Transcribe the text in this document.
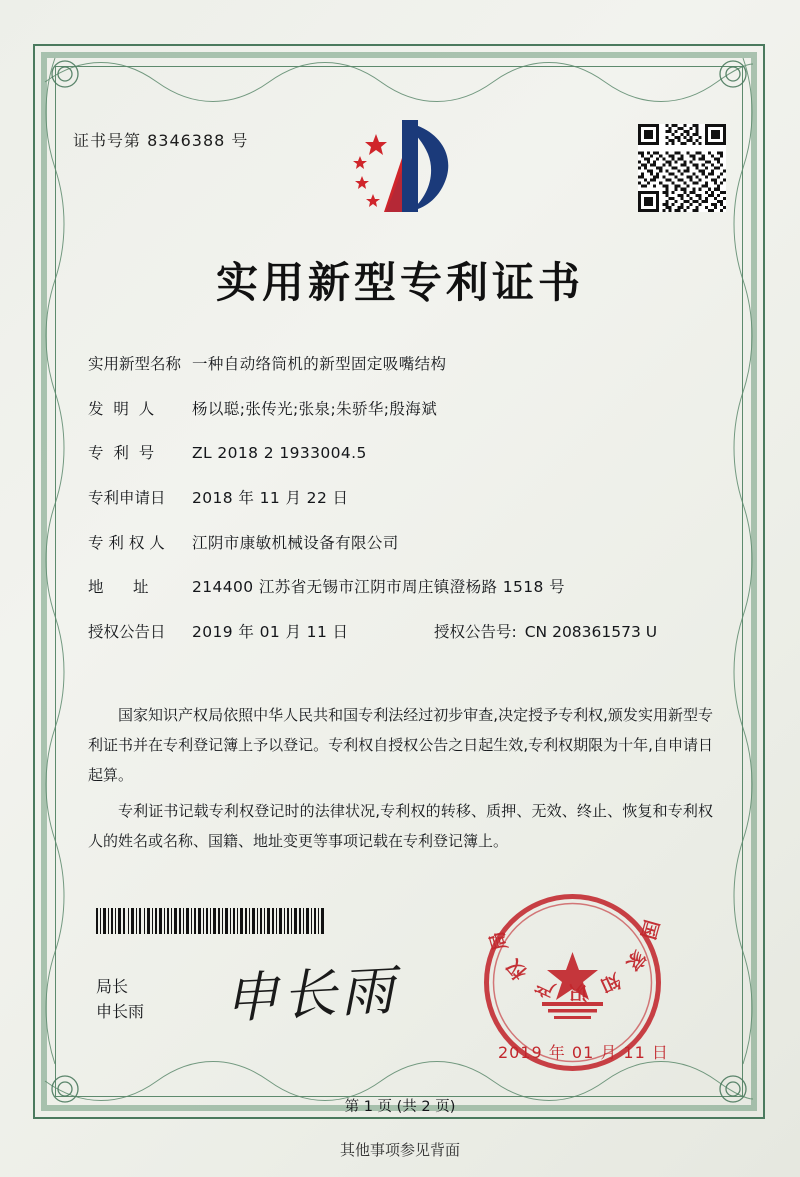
证书号第 8346388 号
实用新型专利证书
实用新型名称 一种自动络筒机的新型固定吸嘴结构
发  明  人	杨以聪;张传光;张泉;朱骄华;殷海斌
专  利  号	ZL 2018 2 1933004.5
专利申请日	2018 年 11 月 22 日
专 利 权 人	江阴市康敏机械设备有限公司
地      址	214400 江苏省无锡市江阴市周庄镇澄杨路 1518 号
授权公告日	2019 年 01 月 11 日	授权公告号: CN 208361573 U

国家知识产权局依照中华人民共和国专利法经过初步审查,决定授予专利权,颁发实用新型专利证书并在专利登记簿上予以登记。专利权自授权公告之日起生效,专利权期限为十年,自申请日起算。

专利证书记载专利权登记时的法律状况,专利权的转移、质押、无效、终止、恢复和专利权人的姓名或名称、国籍、地址变更等事项记载在专利登记簿上。

局长
申长雨 申长雨
国家知识产权局
2019 年 01 月 11 日
第 1 页 (共 2 页)
其他事项参见背面
